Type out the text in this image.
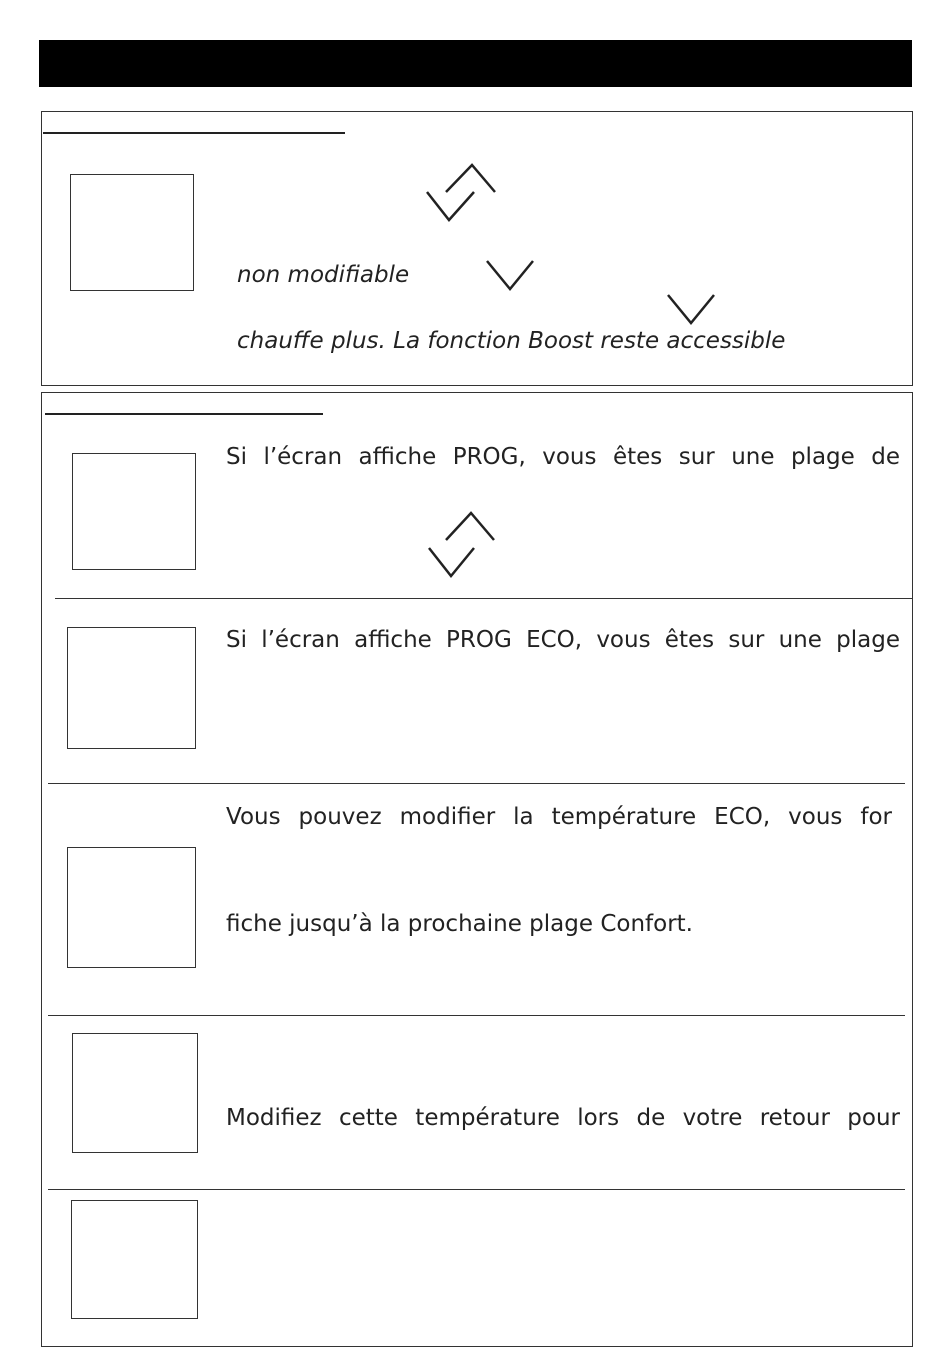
non modifiable
chauffe plus. La fonction Boost reste accessible
Si l’écran affiche PROG, vous êtes sur une plage de
Si l’écran affiche PROG ECO, vous êtes sur une plage
Vous pouvez modifier la température ECO, vous for
fiche jusqu’à la prochaine plage Confort.
Modifiez cette température lors de votre retour pour
